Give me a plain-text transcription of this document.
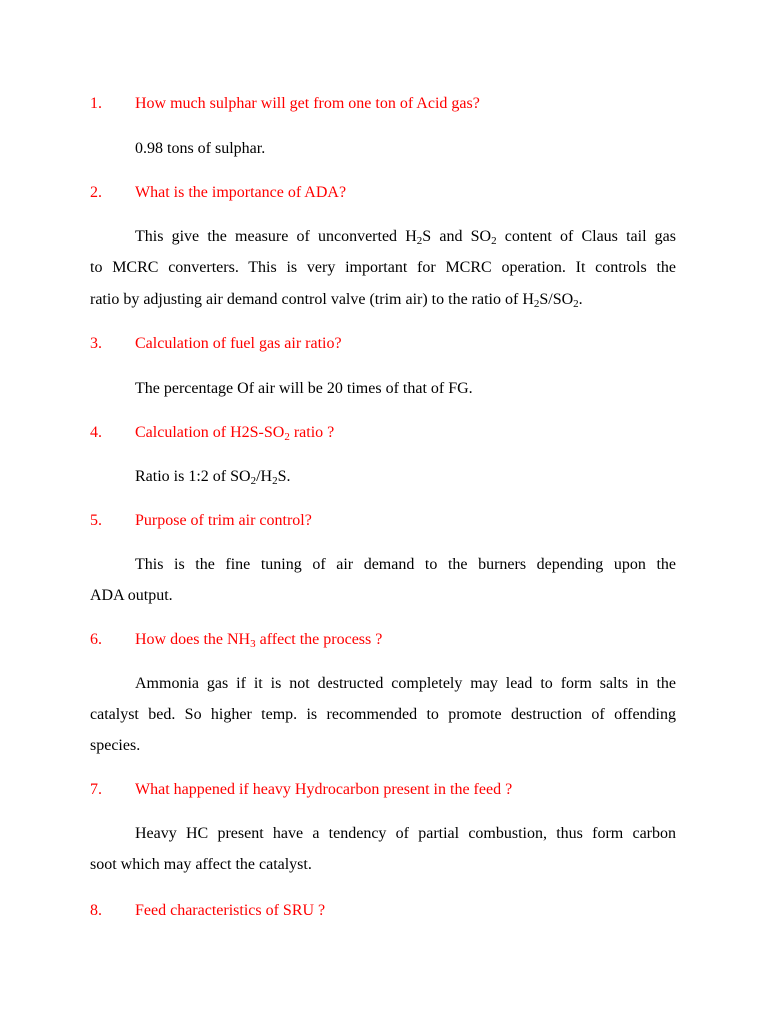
1. How much sulphar will get from one ton of Acid gas?
0.98 tons of sulphar.
2. What is the importance of ADA?
This give the measure of unconverted $H_2S$ and $SO_2$ content of Claus tail gas
to MCRC converters. This is very important for MCRC operation. It controls the
ratio by adjusting air demand control valve (trim air) to the ratio of $H_2S/SO_2$.
3. Calculation of fuel gas air ratio?
The percentage Of air will be 20 times of that of FG.
4. Calculation of $H2S-SO_2$ ratio ?
Ratio is 1:2 of $SO_2/H_2S$.
5. Purpose of trim air control?
This is the fine tuning of air demand to the burners depending upon the
ADA output.
6. How does the $NH_3$ affect the process ?
Ammonia gas if it is not destructed completely may lead to form salts in the
catalyst bed. So higher temp. is recommended to promote destruction of offending
species.
7. What happened if heavy Hydrocarbon present in the feed ?
Heavy HC present have a tendency of partial combustion, thus form carbon
soot which may affect the catalyst.
8. Feed characteristics of SRU ?
